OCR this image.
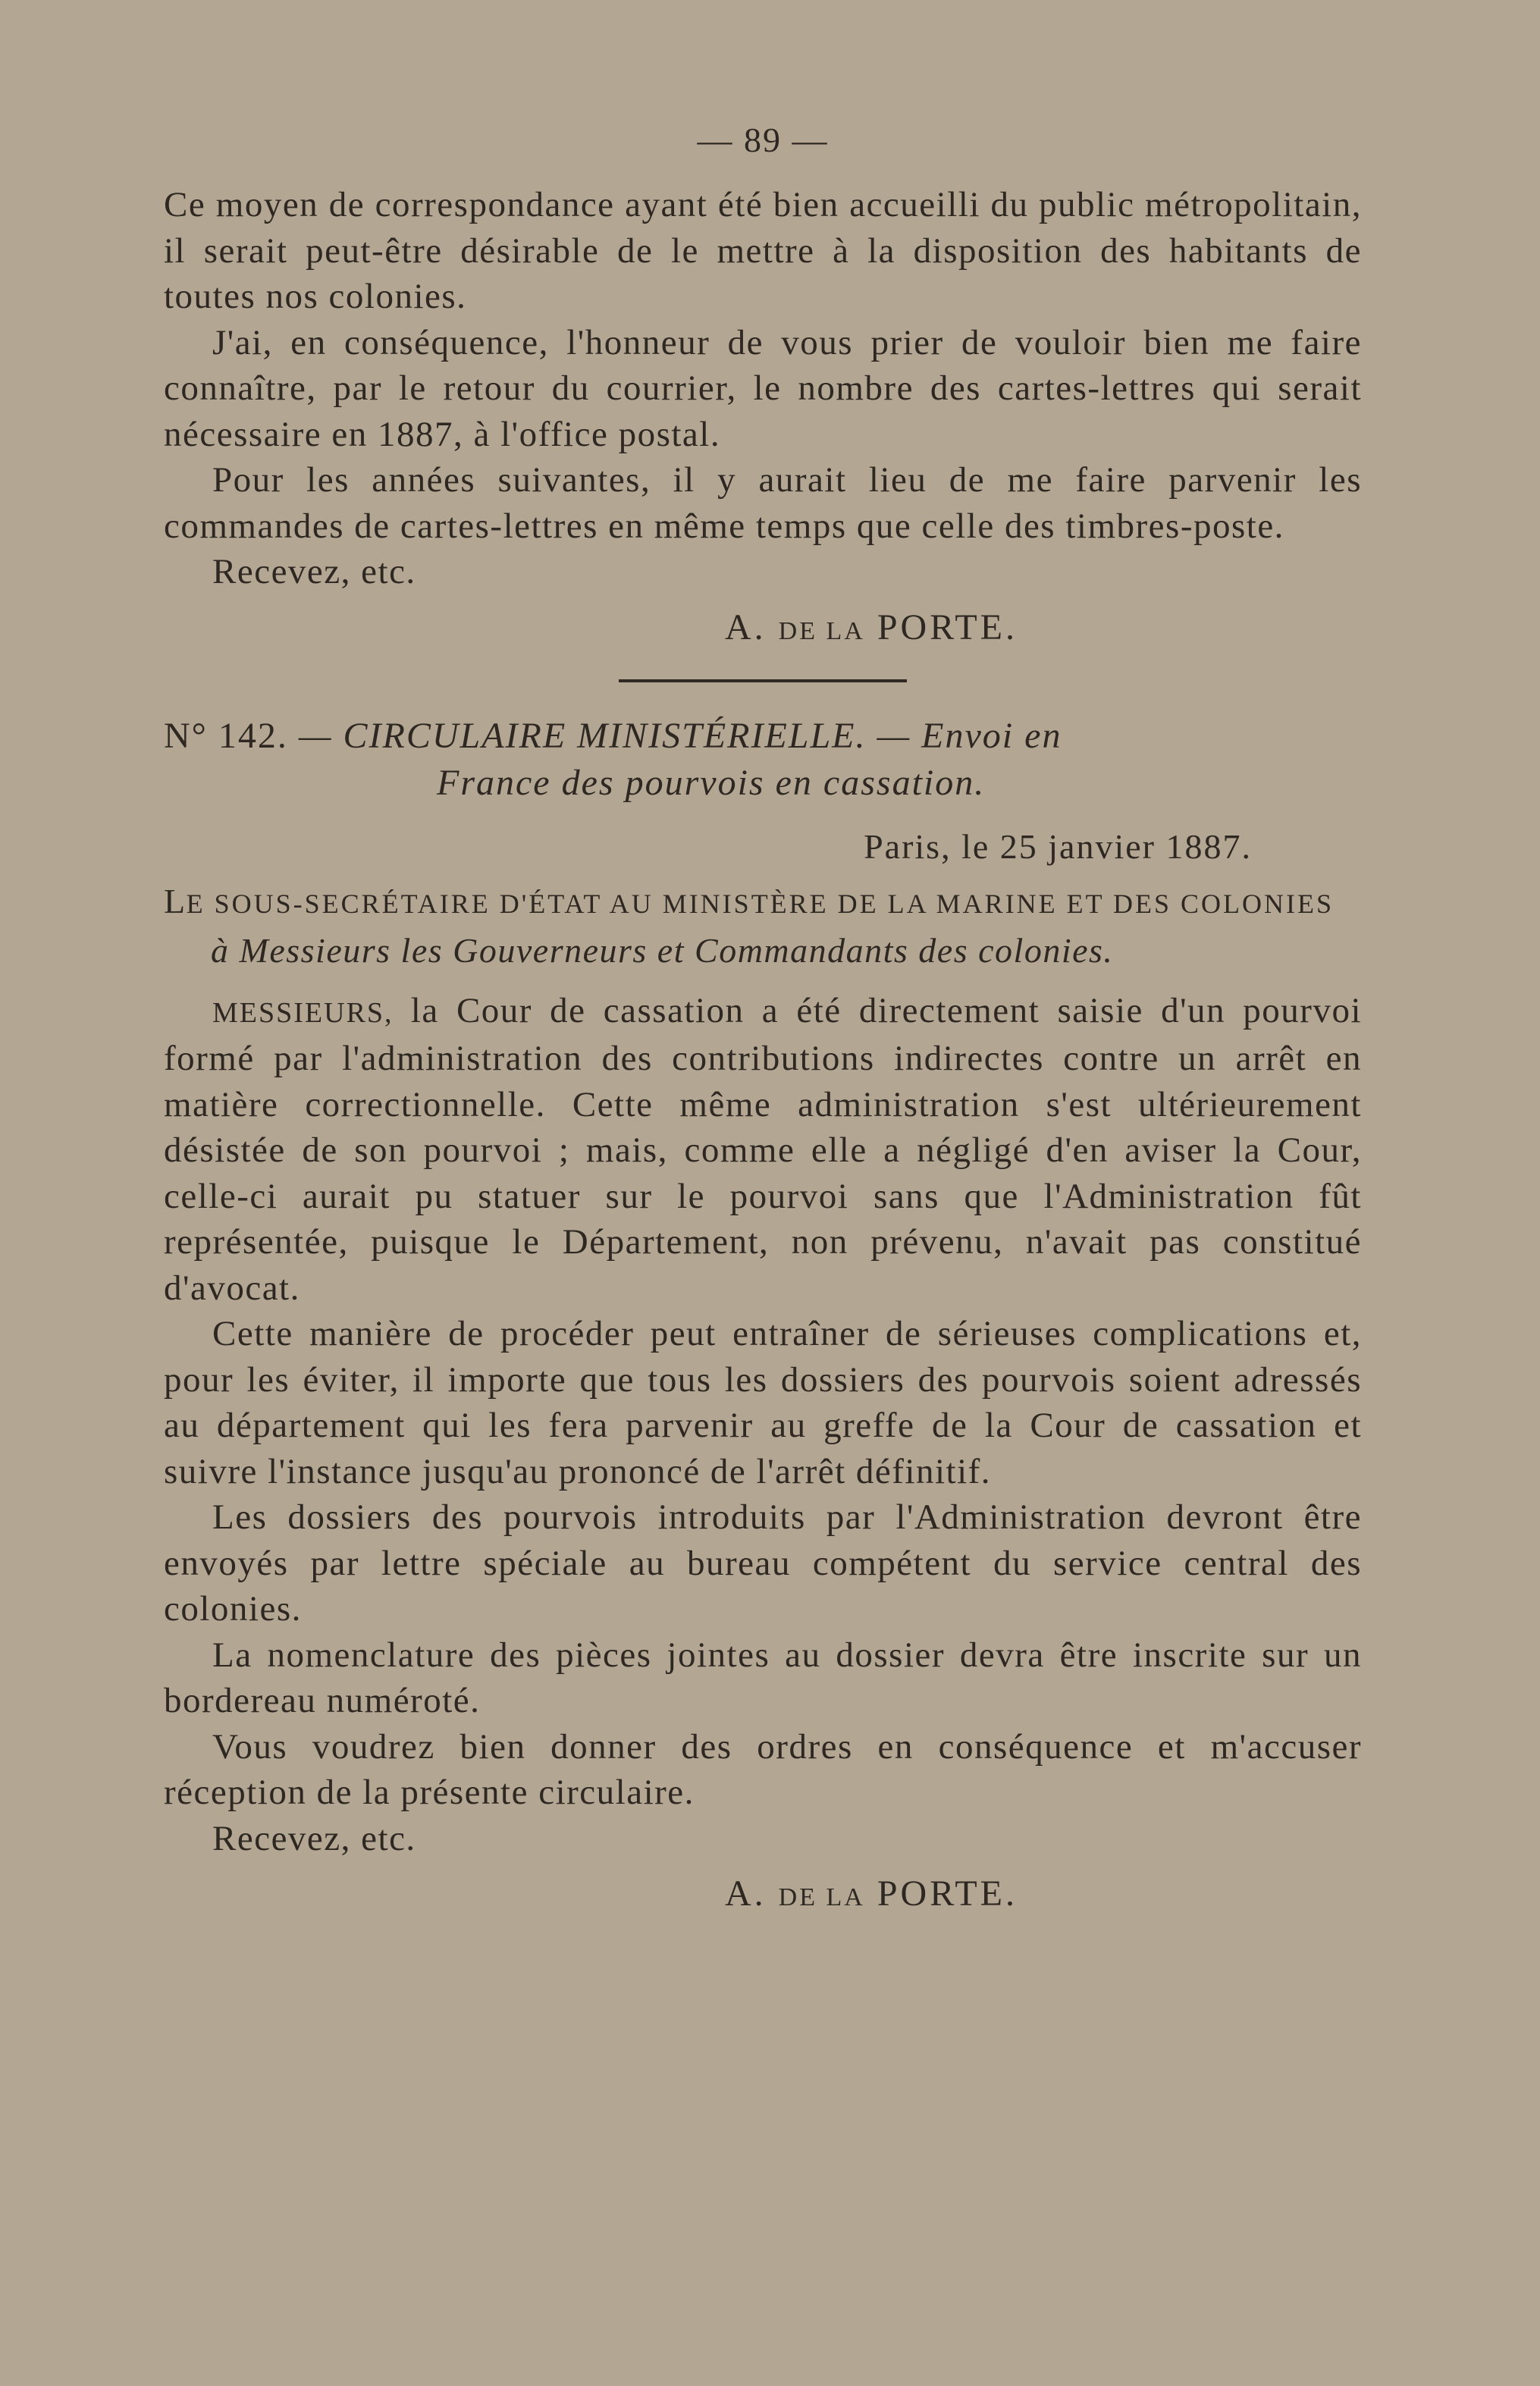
— 89 —

Ce moyen de correspondance ayant été bien accueilli du public métropolitain, il serait peut-être désirable de le mettre à la disposition des habitants de toutes nos colonies.

J'ai, en conséquence, l'honneur de vous prier de vouloir bien me faire connaître, par le retour du courrier, le nombre des cartes-lettres qui serait nécessaire en 1887, à l'office postal.

Pour les années suivantes, il y aurait lieu de me faire parvenir les commandes de cartes-lettres en même temps que celle des timbres-poste.

Recevez, etc.

A. DE LA PORTE.
N° 142. — CIRCULAIRE MINISTÉRIELLE. — Envoi en
France des pourvois en cassation.
Paris, le 25 janvier 1887.
LE SOUS-SECRÉTAIRE D'ÉTAT AU MINISTÈRE DE LA MARINE ET DES COLONIES à Messieurs les Gouverneurs et Commandants des colonies.

MESSIEURS, la Cour de cassation a été directement saisie d'un pourvoi formé par l'administration des contributions indirectes contre un arrêt en matière correctionnelle. Cette même administration s'est ultérieurement désistée de son pourvoi ; mais, comme elle a négligé d'en aviser la Cour, celle-ci aurait pu statuer sur le pourvoi sans que l'Administration fût représentée, puisque le Département, non prévenu, n'avait pas constitué d'avocat.

Cette manière de procéder peut entraîner de sérieuses complications et, pour les éviter, il importe que tous les dossiers des pourvois soient adressés au département qui les fera parvenir au greffe de la Cour de cassation et suivre l'instance jusqu'au prononcé de l'arrêt définitif.

Les dossiers des pourvois introduits par l'Administration devront être envoyés par lettre spéciale au bureau compétent du service central des colonies.

La nomenclature des pièces jointes au dossier devra être inscrite sur un bordereau numéroté.

Vous voudrez bien donner des ordres en conséquence et m'accuser réception de la présente circulaire.

Recevez, etc.

A. DE LA PORTE.
